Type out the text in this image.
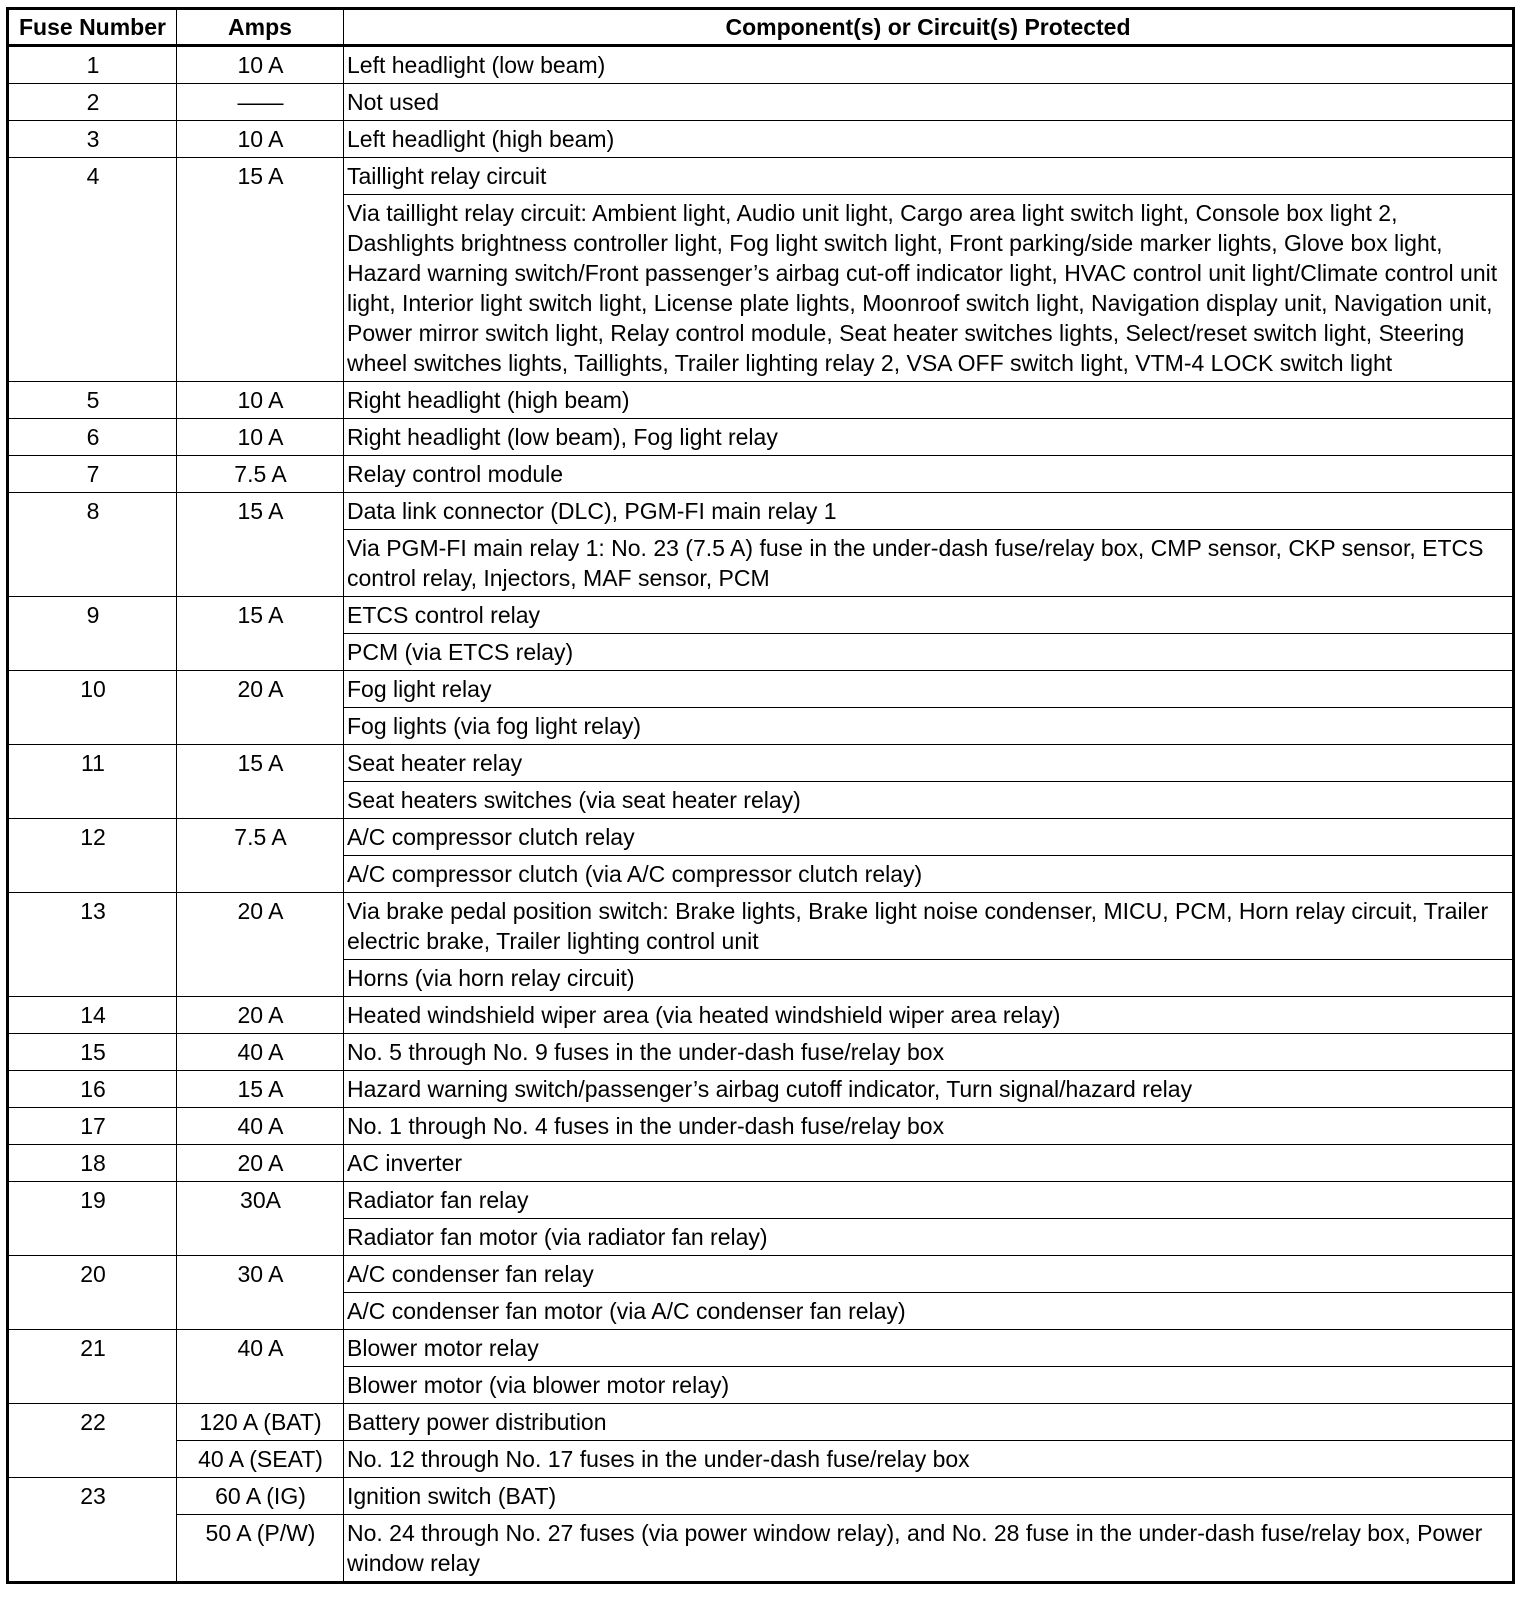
Fuse Number	Amps	Component(s) or Circuit(s) Protected
1	10 A	Left headlight (low beam)
2	——	Not used
3	10 A	Left headlight (high beam)
4	15 A	Taillight relay circuit
		Via taillight relay circuit: Ambient light, Audio unit light, Cargo area light switch light, Console box light 2, Dashlights brightness controller light, Fog light switch light, Front parking/side marker lights, Glove box light, Hazard warning switch/Front passenger’s airbag cut-off indicator light, HVAC control unit light/Climate control unit light, Interior light switch light, License plate lights, Moonroof switch light, Navigation display unit, Navigation unit, Power mirror switch light, Relay control module, Seat heater switches lights, Select/reset switch light, Steering wheel switches lights, Taillights, Trailer lighting relay 2, VSA OFF switch light, VTM-4 LOCK switch light
5	10 A	Right headlight (high beam)
6	10 A	Right headlight (low beam), Fog light relay
7	7.5 A	Relay control module
8	15 A	Data link connector (DLC), PGM-FI main relay 1
		Via PGM-FI main relay 1: No. 23 (7.5 A) fuse in the under-dash fuse/relay box, CMP sensor, CKP sensor, ETCS control relay, Injectors, MAF sensor, PCM
9	15 A	ETCS control relay
		PCM (via ETCS relay)
10	20 A	Fog light relay
		Fog lights (via fog light relay)
11	15 A	Seat heater relay
		Seat heaters switches (via seat heater relay)
12	7.5 A	A/C compressor clutch relay
		A/C compressor clutch (via A/C compressor clutch relay)
13	20 A	Via brake pedal position switch: Brake lights, Brake light noise condenser, MICU, PCM, Horn relay circuit, Trailer electric brake, Trailer lighting control unit
		Horns (via horn relay circuit)
14	20 A	Heated windshield wiper area (via heated windshield wiper area relay)
15	40 A	No. 5 through No. 9 fuses in the under-dash fuse/relay box
16	15 A	Hazard warning switch/passenger’s airbag cutoff indicator, Turn signal/hazard relay
17	40 A	No. 1 through No. 4 fuses in the under-dash fuse/relay box
18	20 A	AC inverter
19	30A	Radiator fan relay
		Radiator fan motor (via radiator fan relay)
20	30 A	A/C condenser fan relay
		A/C condenser fan motor (via A/C condenser fan relay)
21	40 A	Blower motor relay
		Blower motor (via blower motor relay)
22	120 A (BAT)	Battery power distribution
	40 A (SEAT)	No. 12 through No. 17 fuses in the under-dash fuse/relay box
23	60 A (IG)	Ignition switch (BAT)
	50 A (P/W)	No. 24 through No. 27 fuses (via power window relay), and No. 28 fuse in the under-dash fuse/relay box, Power window relay
